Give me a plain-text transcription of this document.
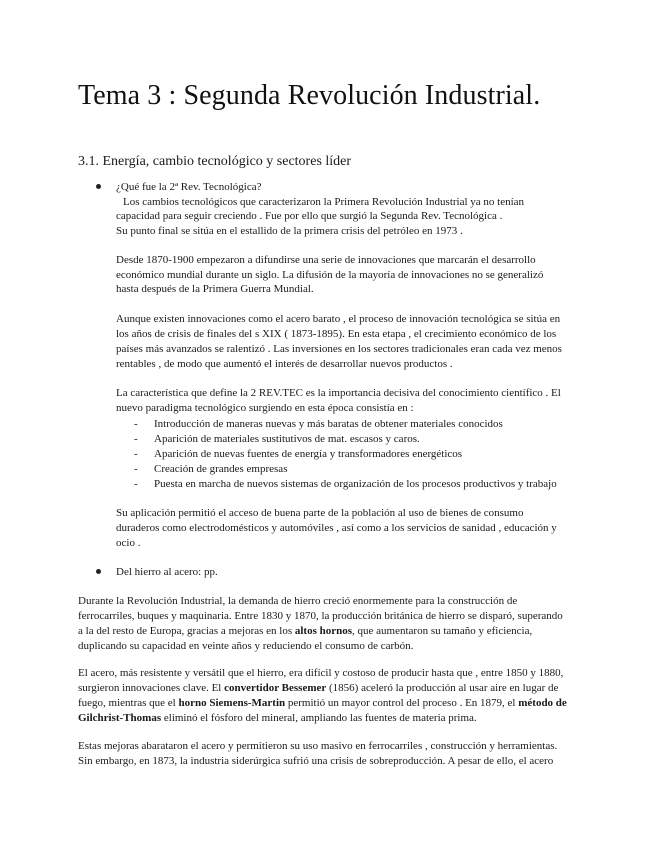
Tema 3 : Segunda Revolución Industrial.
3.1. Energía, cambio tecnológico y sectores líder
¿Qué fue la 2ª Rev. Tecnológica?
Los cambios tecnológicos que caracterizaron la Primera Revolución Industrial ya no tenían
capacidad para seguir creciendo . Fue por ello que surgió la Segunda Rev. Tecnológica .
Su punto final se sitúa en el estallido de la primera crisis del petróleo en 1973 .
Desde 1870-1900 empezaron a difundirse una serie de innovaciones que marcarán el desarrollo
económico mundial durante un siglo. La difusión de la mayoría de innovaciones no se generalizó
hasta después de la Primera Guerra Mundial.
Aunque existen innovaciones como el acero barato , el proceso de innovación tecnológica se sitúa en
los años de crisis de finales del s XIX ( 1873-1895). En esta etapa , el crecimiento económico de los
países más avanzados se ralentizó . Las inversiones en los sectores tradicionales eran cada vez menos
rentables , de modo que aumentó el interés de desarrollar nuevos productos .
La característica que define la 2 REV.TEC es la importancia decisiva del conocimiento científico . El
nuevo paradigma tecnológico surgiendo en esta época consistía en :
- Introducción de maneras nuevas y más baratas de obtener materiales conocidos
- Aparición de materiales sustitutivos de mat. escasos y caros.
- Aparición de nuevas fuentes de energía y transformadores energéticos
- Creación de grandes empresas
- Puesta en marcha de nuevos sistemas de organización de los procesos productivos y trabajo
Su aplicación permitió el acceso de buena parte de la población al uso de bienes de consumo
duraderos como electrodomésticos y automóviles , así como a los servicios de sanidad , educación y
ocio .
Del hierro al acero: pp.
Durante la Revolución Industrial, la demanda de hierro creció enormemente para la construcción de
ferrocarriles, buques y maquinaria. Entre 1830 y 1870, la producción británica de hierro se disparó, superando
a la del resto de Europa, gracias a mejoras en los altos hornos, que aumentaron su tamaño y eficiencia,
duplicando su capacidad en veinte años y reduciendo el consumo de carbón.
El acero, más resistente y versátil que el hierro, era difícil y costoso de producir hasta que , entre 1850 y 1880,
surgieron innovaciones clave. El convertidor Bessemer (1856) aceleró la producción al usar aire en lugar de
fuego, mientras que el horno Siemens-Martin permitió un mayor control del proceso . En 1879, el método de
Gilchrist-Thomas eliminó el fósforo del mineral, ampliando las fuentes de materia prima.
Estas mejoras abarataron el acero y permitieron su uso masivo en ferrocarriles , construcción y herramientas.
Sin embargo, en 1873, la industria siderúrgica sufrió una crisis de sobreproducción. A pesar de ello, el acero
